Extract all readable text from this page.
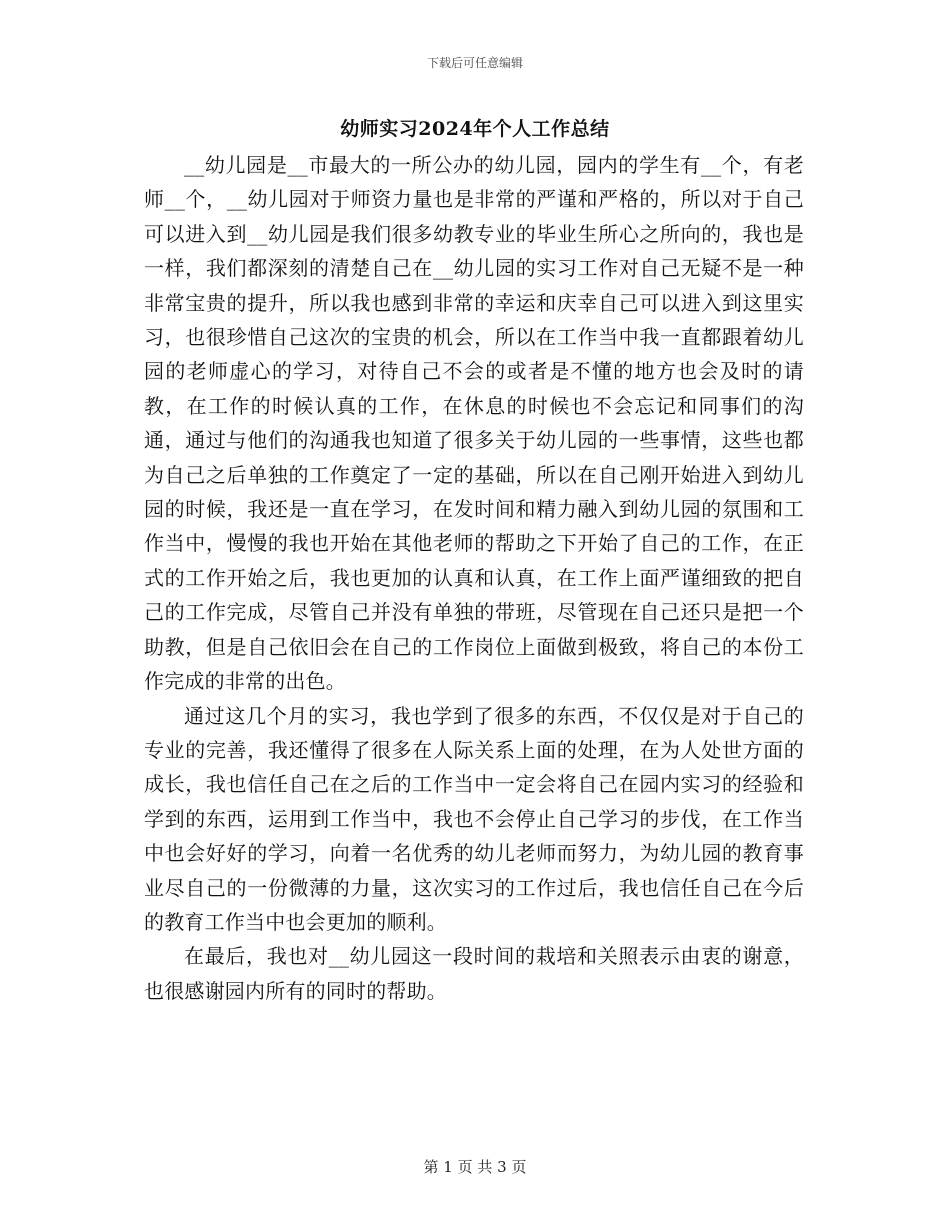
下载后可任意编辑
幼师实习2024年个人工作总结

__幼儿园是__市最大的一所公办的幼儿园，园内的学生有__个，有老师__个，__幼儿园对于师资力量也是非常的严谨和严格的，所以对于自己可以进入到__幼儿园是我们很多幼教专业的毕业生所心之所向的，我也是一样，我们都深刻的清楚自己在__幼儿园的实习工作对自己无疑不是一种非常宝贵的提升，所以我也感到非常的幸运和庆幸自己可以进入到这里实习，也很珍惜自己这次的宝贵的机会，所以在工作当中我一直都跟着幼儿园的老师虚心的学习，对待自己不会的或者是不懂的地方也会及时的请教，在工作的时候认真的工作，在休息的时候也不会忘记和同事们的沟通，通过与他们的沟通我也知道了很多关于幼儿园的一些事情，这些也都为自己之后单独的工作奠定了一定的基础，所以在自己刚开始进入到幼儿园的时候，我还是一直在学习，在发时间和精力融入到幼儿园的氛围和工作当中，慢慢的我也开始在其他老师的帮助之下开始了自己的工作，在正式的工作开始之后，我也更加的认真和认真，在工作上面严谨细致的把自己的工作完成，尽管自己并没有单独的带班，尽管现在自己还只是把一个助教，但是自己依旧会在自己的工作岗位上面做到极致，将自己的本份工作完成的非常的出色。

通过这几个月的实习，我也学到了很多的东西，不仅仅是对于自己的专业的完善，我还懂得了很多在人际关系上面的处理，在为人处世方面的成长，我也信任自己在之后的工作当中一定会将自己在园内实习的经验和学到的东西，运用到工作当中，我也不会停止自己学习的步伐，在工作当中也会好好的学习，向着一名优秀的幼儿老师而努力，为幼儿园的教育事业尽自己的一份微薄的力量，这次实习的工作过后，我也信任自己在今后的教育工作当中也会更加的顺利。

在最后，我也对__幼儿园这一段时间的栽培和关照表示由衷的谢意，也很感谢园内所有的同时的帮助。

第 1 页 共 3 页
